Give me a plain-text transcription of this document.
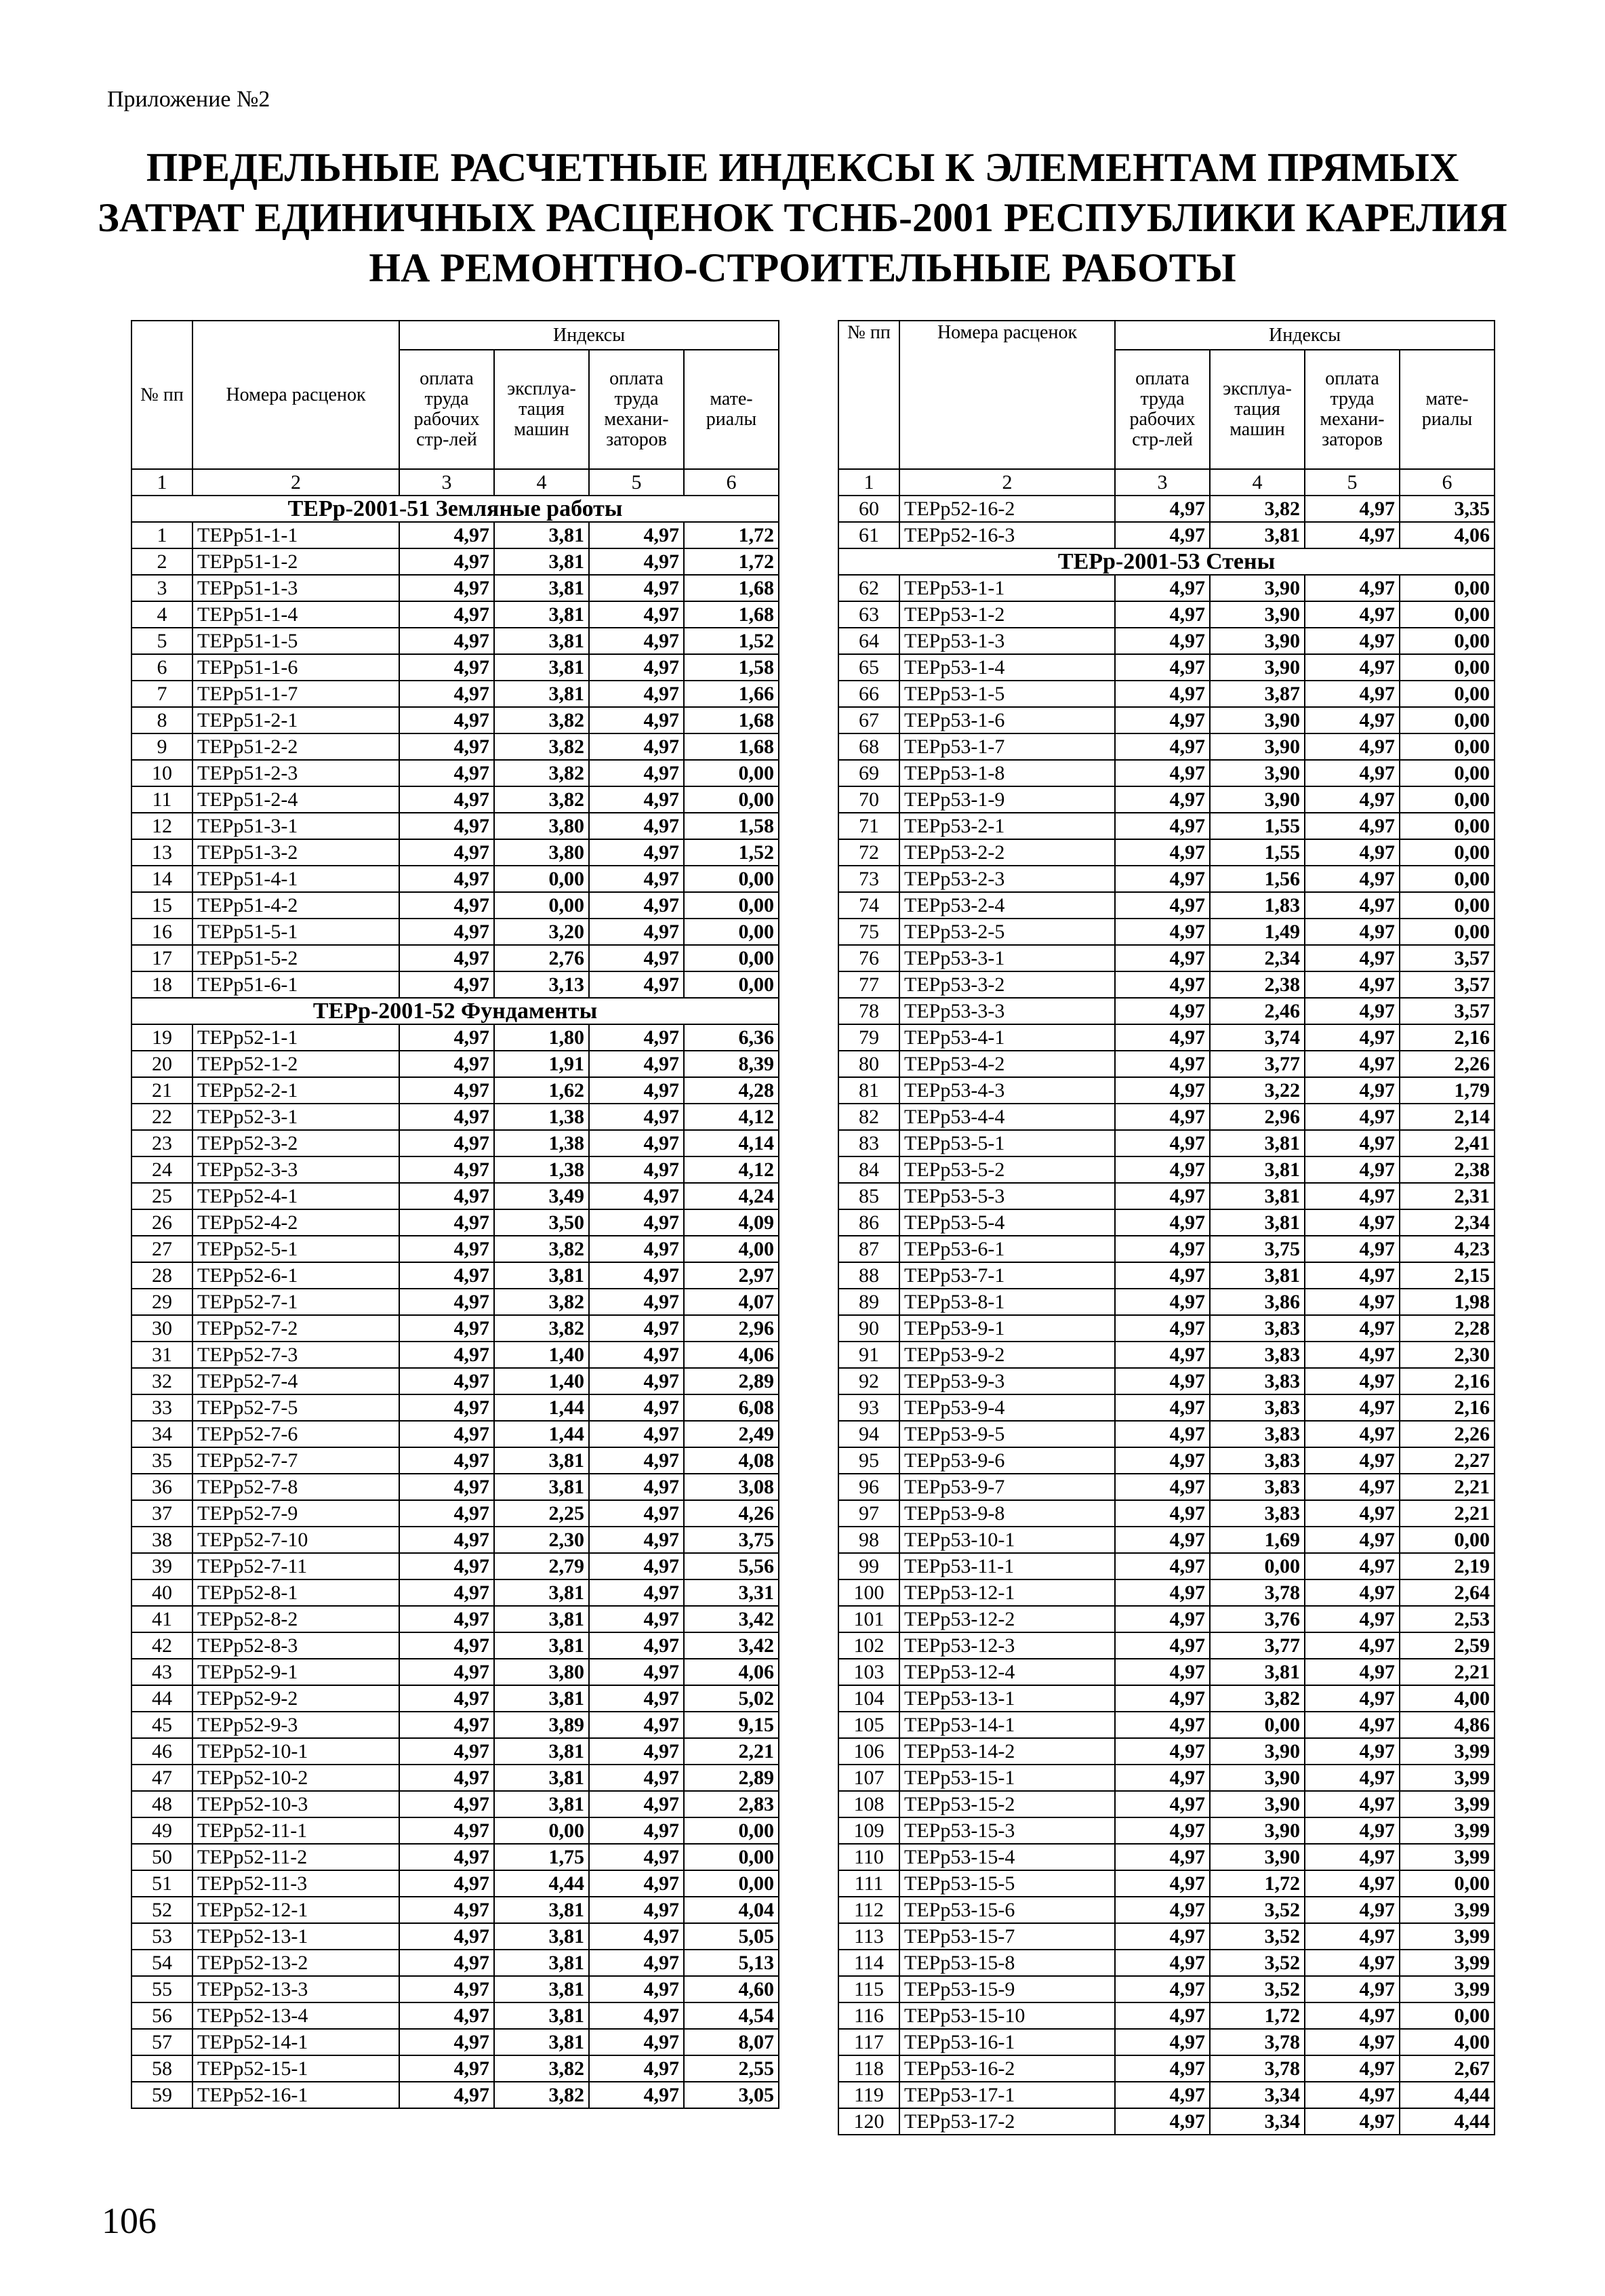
Приложение №2
ПРЕДЕЛЬНЫЕ РАСЧЕТНЫЕ ИНДЕКСЫ К ЭЛЕМЕНТАМ ПРЯМЫХ
ЗАТРАТ ЕДИНИЧНЫХ РАСЦЕНОК ТСНБ-2001 РЕСПУБЛИКИ КАРЕЛИЯ
НА РЕМОНТНО-СТРОИТЕЛЬНЫЕ РАБОТЫ
№ пп	Номера расценок	Индексы			
		оплата труда рабочих стр-лей	эксплуа-тация машин	оплата труда механи-заторов	мате-риалы
1	2	3	4	5	6
ТЕРр-2001-51 Земляные работы					
1	ТЕРр51-1-1	4,97	3,81	4,97	1,72
2	ТЕРр51-1-2	4,97	3,81	4,97	1,72
3	ТЕРр51-1-3	4,97	3,81	4,97	1,68
4	ТЕРр51-1-4	4,97	3,81	4,97	1,68
5	ТЕРр51-1-5	4,97	3,81	4,97	1,52
6	ТЕРр51-1-6	4,97	3,81	4,97	1,58
7	ТЕРр51-1-7	4,97	3,81	4,97	1,66
8	ТЕРр51-2-1	4,97	3,82	4,97	1,68
9	ТЕРр51-2-2	4,97	3,82	4,97	1,68
10	ТЕРр51-2-3	4,97	3,82	4,97	0,00
11	ТЕРр51-2-4	4,97	3,82	4,97	0,00
12	ТЕРр51-3-1	4,97	3,80	4,97	1,58
13	ТЕРр51-3-2	4,97	3,80	4,97	1,52
14	ТЕРр51-4-1	4,97	0,00	4,97	0,00
15	ТЕРр51-4-2	4,97	0,00	4,97	0,00
16	ТЕРр51-5-1	4,97	3,20	4,97	0,00
17	ТЕРр51-5-2	4,97	2,76	4,97	0,00
18	ТЕРр51-6-1	4,97	3,13	4,97	0,00
ТЕРр-2001-52 Фундаменты					
19	ТЕРр52-1-1	4,97	1,80	4,97	6,36
20	ТЕРр52-1-2	4,97	1,91	4,97	8,39
21	ТЕРр52-2-1	4,97	1,62	4,97	4,28
22	ТЕРр52-3-1	4,97	1,38	4,97	4,12
23	ТЕРр52-3-2	4,97	1,38	4,97	4,14
24	ТЕРр52-3-3	4,97	1,38	4,97	4,12
25	ТЕРр52-4-1	4,97	3,49	4,97	4,24
26	ТЕРр52-4-2	4,97	3,50	4,97	4,09
27	ТЕРр52-5-1	4,97	3,82	4,97	4,00
28	ТЕРр52-6-1	4,97	3,81	4,97	2,97
29	ТЕРр52-7-1	4,97	3,82	4,97	4,07
30	ТЕРр52-7-2	4,97	3,82	4,97	2,96
31	ТЕРр52-7-3	4,97	1,40	4,97	4,06
32	ТЕРр52-7-4	4,97	1,40	4,97	2,89
33	ТЕРр52-7-5	4,97	1,44	4,97	6,08
34	ТЕРр52-7-6	4,97	1,44	4,97	2,49
35	ТЕРр52-7-7	4,97	3,81	4,97	4,08
36	ТЕРр52-7-8	4,97	3,81	4,97	3,08
37	ТЕРр52-7-9	4,97	2,25	4,97	4,26
38	ТЕРр52-7-10	4,97	2,30	4,97	3,75
39	ТЕРр52-7-11	4,97	2,79	4,97	5,56
40	ТЕРр52-8-1	4,97	3,81	4,97	3,31
41	ТЕРр52-8-2	4,97	3,81	4,97	3,42
42	ТЕРр52-8-3	4,97	3,81	4,97	3,42
43	ТЕРр52-9-1	4,97	3,80	4,97	4,06
44	ТЕРр52-9-2	4,97	3,81	4,97	5,02
45	ТЕРр52-9-3	4,97	3,89	4,97	9,15
46	ТЕРр52-10-1	4,97	3,81	4,97	2,21
47	ТЕРр52-10-2	4,97	3,81	4,97	2,89
48	ТЕРр52-10-3	4,97	3,81	4,97	2,83
49	ТЕРр52-11-1	4,97	0,00	4,97	0,00
50	ТЕРр52-11-2	4,97	1,75	4,97	0,00
51	ТЕРр52-11-3	4,97	4,44	4,97	0,00
52	ТЕРр52-12-1	4,97	3,81	4,97	4,04
53	ТЕРр52-13-1	4,97	3,81	4,97	5,05
54	ТЕРр52-13-2	4,97	3,81	4,97	5,13
55	ТЕРр52-13-3	4,97	3,81	4,97	4,60
56	ТЕРр52-13-4	4,97	3,81	4,97	4,54
57	ТЕРр52-14-1	4,97	3,81	4,97	8,07
58	ТЕРр52-15-1	4,97	3,82	4,97	2,55
59	ТЕРр52-16-1	4,97	3,82	4,97	3,05
№ пп	Номера расценок	Индексы			
		оплата труда рабочих стр-лей	эксплуа-тация машин	оплата труда механи-заторов	мате-риалы
1	2	3	4	5	6
60	ТЕРр52-16-2	4,97	3,82	4,97	3,35
61	ТЕРр52-16-3	4,97	3,81	4,97	4,06
ТЕРр-2001-53 Стены					
62	ТЕРр53-1-1	4,97	3,90	4,97	0,00
63	ТЕРр53-1-2	4,97	3,90	4,97	0,00
64	ТЕРр53-1-3	4,97	3,90	4,97	0,00
65	ТЕРр53-1-4	4,97	3,90	4,97	0,00
66	ТЕРр53-1-5	4,97	3,87	4,97	0,00
67	ТЕРр53-1-6	4,97	3,90	4,97	0,00
68	ТЕРр53-1-7	4,97	3,90	4,97	0,00
69	ТЕРр53-1-8	4,97	3,90	4,97	0,00
70	ТЕРр53-1-9	4,97	3,90	4,97	0,00
71	ТЕРр53-2-1	4,97	1,55	4,97	0,00
72	ТЕРр53-2-2	4,97	1,55	4,97	0,00
73	ТЕРр53-2-3	4,97	1,56	4,97	0,00
74	ТЕРр53-2-4	4,97	1,83	4,97	0,00
75	ТЕРр53-2-5	4,97	1,49	4,97	0,00
76	ТЕРр53-3-1	4,97	2,34	4,97	3,57
77	ТЕРр53-3-2	4,97	2,38	4,97	3,57
78	ТЕРр53-3-3	4,97	2,46	4,97	3,57
79	ТЕРр53-4-1	4,97	3,74	4,97	2,16
80	ТЕРр53-4-2	4,97	3,77	4,97	2,26
81	ТЕРр53-4-3	4,97	3,22	4,97	1,79
82	ТЕРр53-4-4	4,97	2,96	4,97	2,14
83	ТЕРр53-5-1	4,97	3,81	4,97	2,41
84	ТЕРр53-5-2	4,97	3,81	4,97	2,38
85	ТЕРр53-5-3	4,97	3,81	4,97	2,31
86	ТЕРр53-5-4	4,97	3,81	4,97	2,34
87	ТЕРр53-6-1	4,97	3,75	4,97	4,23
88	ТЕРр53-7-1	4,97	3,81	4,97	2,15
89	ТЕРр53-8-1	4,97	3,86	4,97	1,98
90	ТЕРр53-9-1	4,97	3,83	4,97	2,28
91	ТЕРр53-9-2	4,97	3,83	4,97	2,30
92	ТЕРр53-9-3	4,97	3,83	4,97	2,16
93	ТЕРр53-9-4	4,97	3,83	4,97	2,16
94	ТЕРр53-9-5	4,97	3,83	4,97	2,26
95	ТЕРр53-9-6	4,97	3,83	4,97	2,27
96	ТЕРр53-9-7	4,97	3,83	4,97	2,21
97	ТЕРр53-9-8	4,97	3,83	4,97	2,21
98	ТЕРр53-10-1	4,97	1,69	4,97	0,00
99	ТЕРр53-11-1	4,97	0,00	4,97	2,19
100	ТЕРр53-12-1	4,97	3,78	4,97	2,64
101	ТЕРр53-12-2	4,97	3,76	4,97	2,53
102	ТЕРр53-12-3	4,97	3,77	4,97	2,59
103	ТЕРр53-12-4	4,97	3,81	4,97	2,21
104	ТЕРр53-13-1	4,97	3,82	4,97	4,00
105	ТЕРр53-14-1	4,97	0,00	4,97	4,86
106	ТЕРр53-14-2	4,97	3,90	4,97	3,99
107	ТЕРр53-15-1	4,97	3,90	4,97	3,99
108	ТЕРр53-15-2	4,97	3,90	4,97	3,99
109	ТЕРр53-15-3	4,97	3,90	4,97	3,99
110	ТЕРр53-15-4	4,97	3,90	4,97	3,99
111	ТЕРр53-15-5	4,97	1,72	4,97	0,00
112	ТЕРр53-15-6	4,97	3,52	4,97	3,99
113	ТЕРр53-15-7	4,97	3,52	4,97	3,99
114	ТЕРр53-15-8	4,97	3,52	4,97	3,99
115	ТЕРр53-15-9	4,97	3,52	4,97	3,99
116	ТЕРр53-15-10	4,97	1,72	4,97	0,00
117	ТЕРр53-16-1	4,97	3,78	4,97	4,00
118	ТЕРр53-16-2	4,97	3,78	4,97	2,67
119	ТЕРр53-17-1	4,97	3,34	4,97	4,44
120	ТЕРр53-17-2	4,97	3,34	4,97	4,44
106
